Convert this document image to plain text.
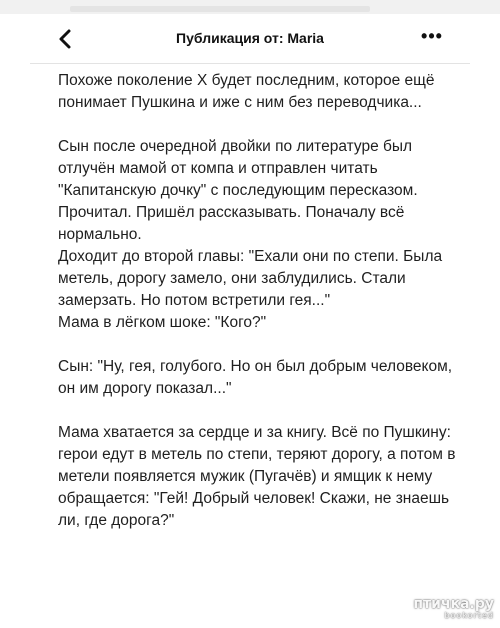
Публикация от: Maria	•••

Похоже поколение Х будет последним, которое ещё понимает Пушкина и иже с ним без переводчика...

Сын после очередной двойки по литературе был отлучён мамой от компа и отправлен читать "Капитанскую дочку" с последующим пересказом.

Прочитал. Пришёл рассказывать. Поначалу всё нормально.

Доходит до второй главы: "Ехали они по степи. Была метель, дорогу замело, они заблудились. Стали замерзать. Но потом встретили гея..."

Мама в лёгком шоке: "Кого?"

Сын: "Ну, гея, голубого. Но он был добрым человеком, он им дорогу показал..."

Мама хватается за сердце и за книгу. Всё по Пушкину: герои едут в метель по степи, теряют дорогу, а потом в метели появляется мужик (Пугачёв) и ямщик к нему обращается: "Гей! Добрый человек! Скажи, не знаешь ли, где дорога?"

птичка.ру
bookorted
